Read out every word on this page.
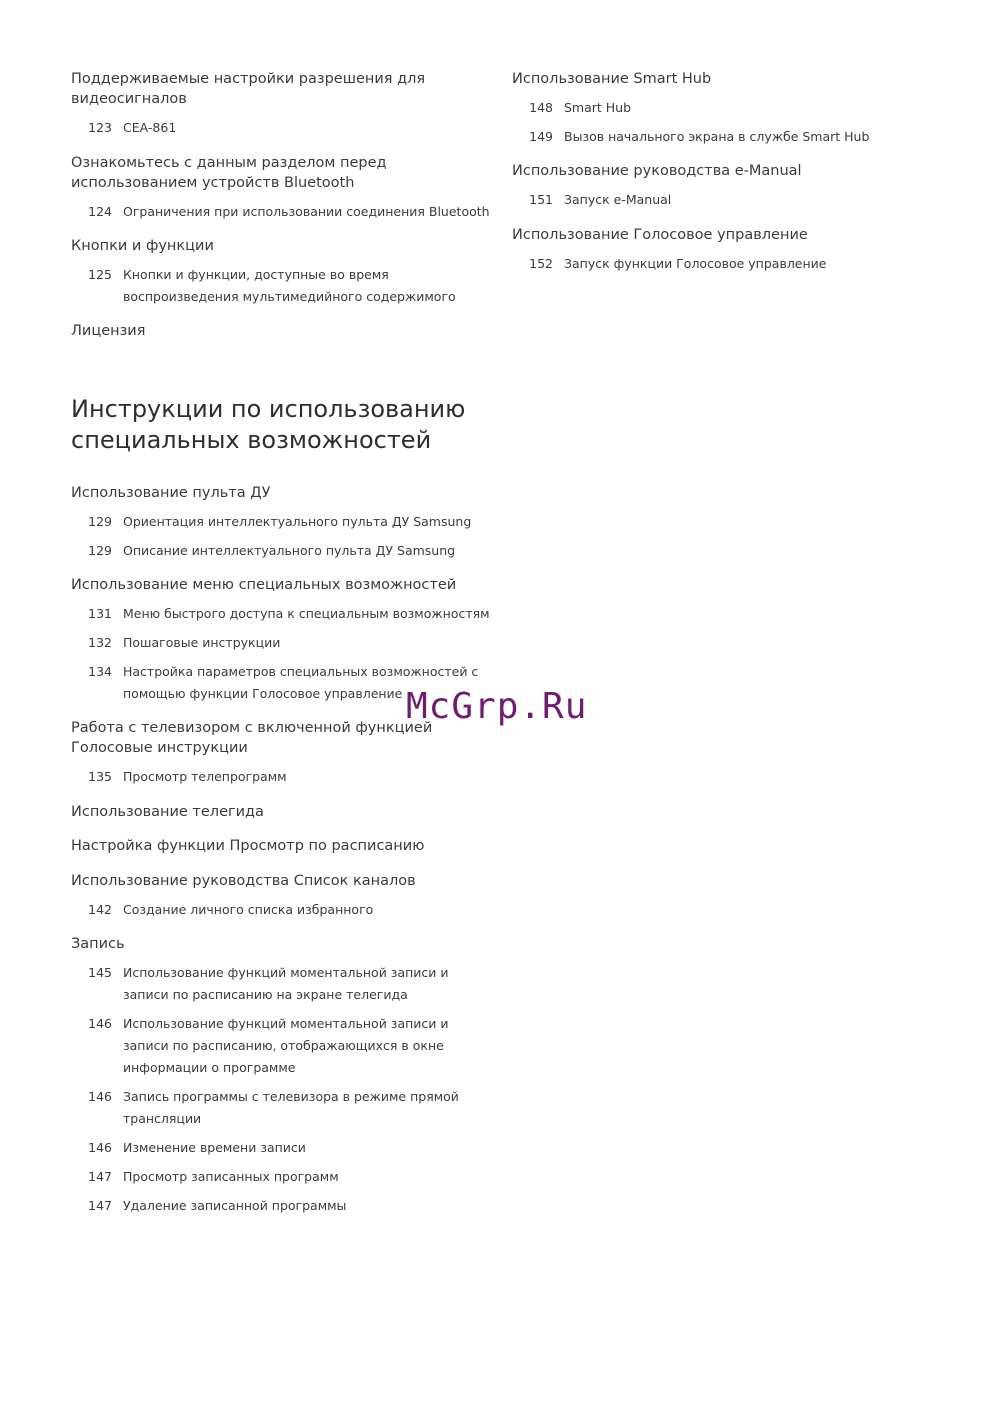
Поддерживаемые настройки разрешения для видеосигналов
123 CEA-861
Ознакомьтесь с данным разделом перед использованием устройств Bluetooth
124 Ограничения при использовании соединения Bluetooth
Кнопки и функции
125 Кнопки и функции, доступные во время воспроизведения мультимедийного содержимого
Лицензия
Инструкции по использованию специальных возможностей
Использование пульта ДУ
129 Ориентация интеллектуального пульта ДУ Samsung
129 Описание интеллектуального пульта ДУ Samsung
Использование меню специальных возможностей
131 Меню быстрого доступа к специальным возможностям
132 Пошаговые инструкции
134 Настройка параметров специальных возможностей с помощью функции Голосовое управление
Работа с телевизором с включенной функцией Голосовые инструкции
135 Просмотр телепрограмм
Использование телегида
Настройка функции Просмотр по расписанию
Использование руководства Список каналов
142 Создание личного списка избранного
Запись
145 Использование функций моментальной записи и записи по расписанию на экране телегида
146 Использование функций моментальной записи и записи по расписанию, отображающихся в окне информации о программе
146 Запись программы с телевизора в режиме прямой трансляции
146 Изменение времени записи
147 Просмотр записанных программ
147 Удаление записанной программы
Использование Smart Hub
148 Smart Hub
149 Вызов начального экрана в службе Smart Hub
Использование руководства e-Manual
151 Запуск e-Manual
Использование Голосовое управление
152 Запуск функции Голосовое управление
McGrp.Ru
